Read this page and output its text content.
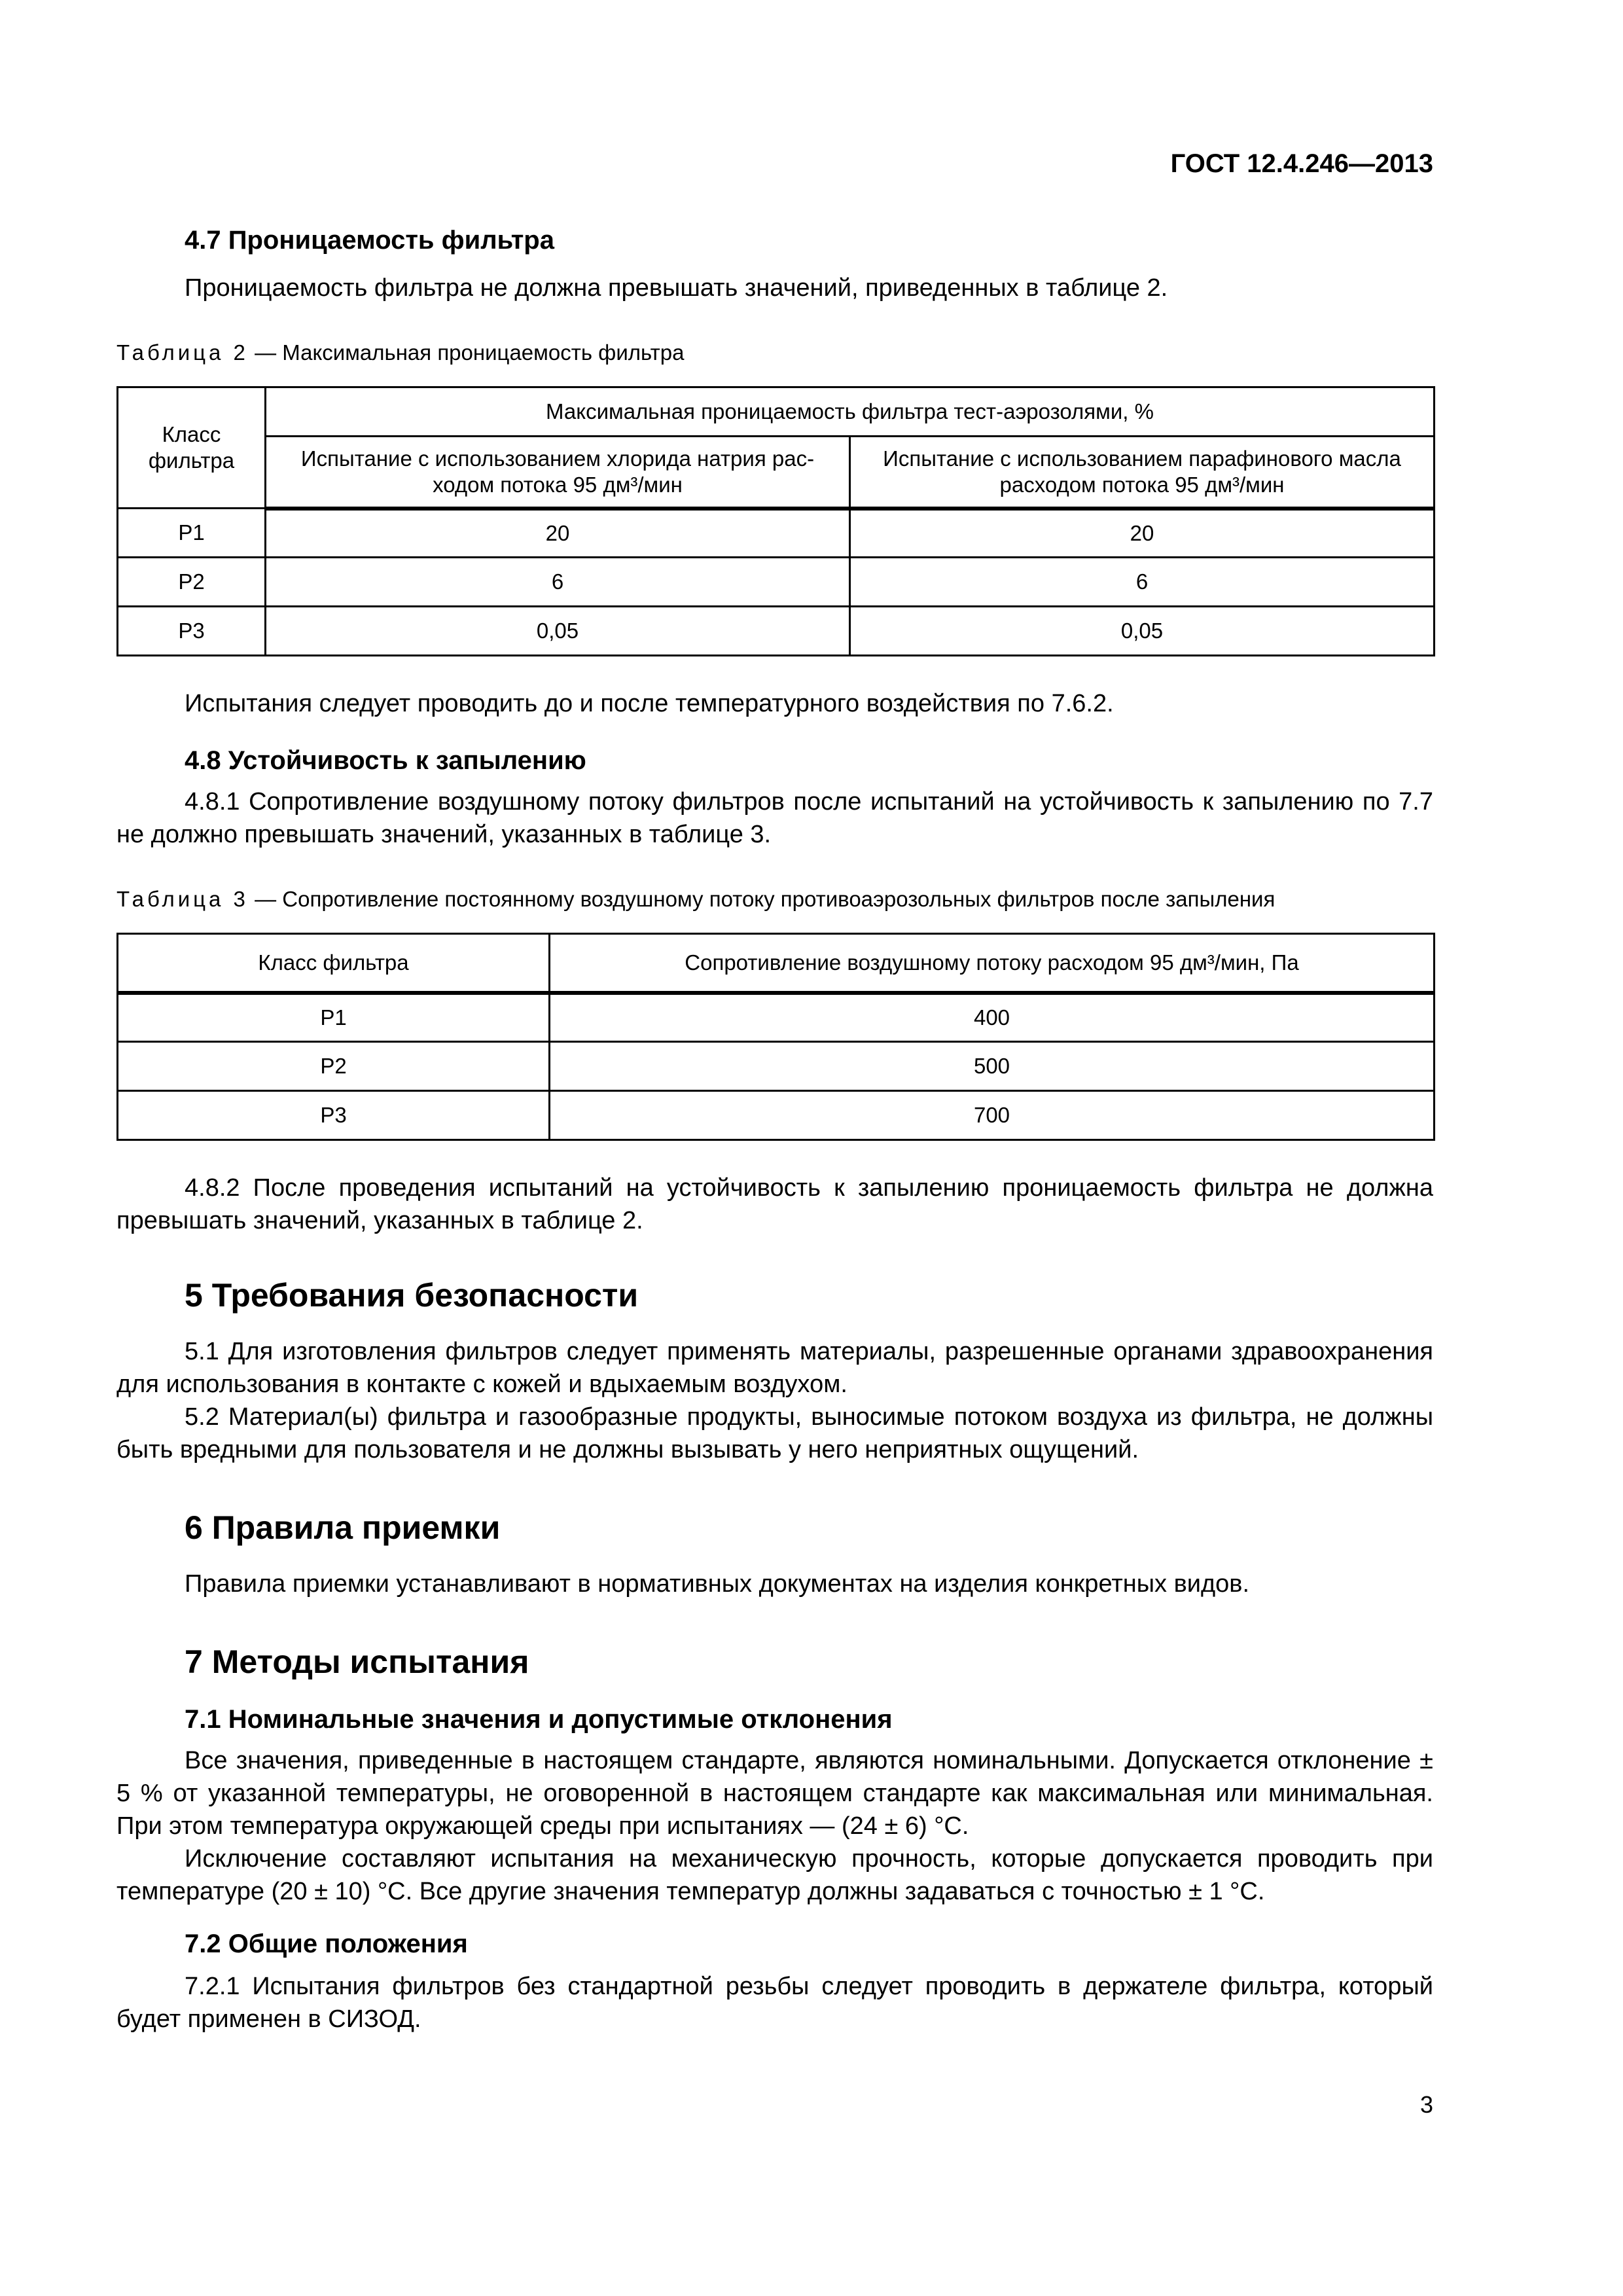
ГОСТ 12.4.246—2013
4.7 Проницаемость фильтра
Проницаемость фильтра не должна превышать значений, приведенных в таблице 2.
Таблица 2 — Максимальная проницаемость фильтра
Класс фильтра	Максимальная проницаемость фильтра тест-аэрозолями, %	
	Испытание с использованием хлорида натрия рас-ходом потока 95 дм³/мин	Испытание с использованием парафинового масла расходом потока 95 дм³/мин
P1	20	20
P2	6	6
P3	0,05	0,05
Испытания следует проводить до и после температурного воздействия по 7.6.2.
4.8 Устойчивость к запылению
4.8.1 Сопротивление воздушному потоку фильтров после испытаний на устойчивость к запылению по 7.7 не должно превышать значений, указанных в таблице 3.
Таблица 3 — Сопротивление постоянному воздушному потоку противоаэрозольных фильтров после запыления
Класс фильтра	Сопротивление воздушному потоку расходом 95 дм³/мин, Па
P1	400
P2	500
P3	700
4.8.2 После проведения испытаний на устойчивость к запылению проницаемость фильтра не должна превышать значений, указанных в таблице 2.
5 Требования безопасности
5.1 Для изготовления фильтров следует применять материалы, разрешенные органами здравоохранения для использования в контакте с кожей и вдыхаемым воздухом.
5.2 Материал(ы) фильтра и газообразные продукты, выносимые потоком воздуха из фильтра, не должны быть вредными для пользователя и не должны вызывать у него неприятных ощущений.
6 Правила приемки
Правила приемки устанавливают в нормативных документах на изделия конкретных видов.
7 Методы испытания
7.1 Номинальные значения и допустимые отклонения
Все значения, приведенные в настоящем стандарте, являются номинальными. Допускается отклонение ± 5 % от указанной температуры, не оговоренной в настоящем стандарте как максимальная или минимальная. При этом температура окружающей среды при испытаниях — (24 ± 6) °С.
Исключение составляют испытания на механическую прочность, которые допускается проводить при температуре (20 ± 10) °С. Все другие значения температур должны задаваться с точностью ± 1 °С.
7.2 Общие положения
7.2.1 Испытания фильтров без стандартной резьбы следует проводить в держателе фильтра, который будет применен в СИЗОД.
3
